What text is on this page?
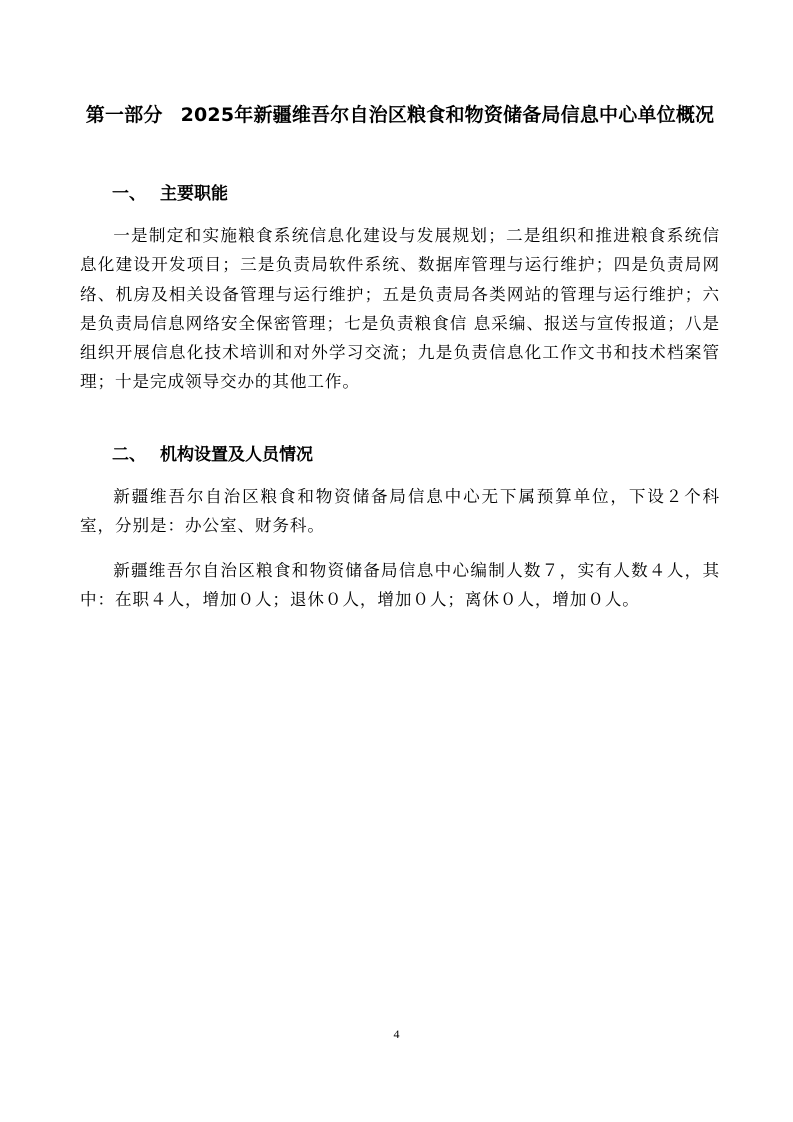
第一部分 2025年新疆维吾尔自治区粮食和物资储备局信息中心单位概况
一、 主要职能

一是制定和实施粮食系统信息化建设与发展规划；二是组织和推进粮食系统信息化建设开发项目；三是负责局软件系统、数据库管理与运行维护；四是负责局网络、机房及相关设备管理与运行维护；五是负责局各类网站的管理与运行维护；六是负责局信息网络安全保密管理；七是负责粮食信 息采编、报送与宣传报道；八是组织开展信息化技术培训和对外学习交流；九是负责信息化工作文书和技术档案管理；十是完成领导交办的其他工作。

二、 机构设置及人员情况

新疆维吾尔自治区粮食和物资储备局信息中心无下属预算单位，下设２个科室，分别是：办公室、财务科。

新疆维吾尔自治区粮食和物资储备局信息中心编制人数７，实有人数４人，其中：在职４人，增加０人；退休０人，增加０人；离休０人，增加０人。

4
